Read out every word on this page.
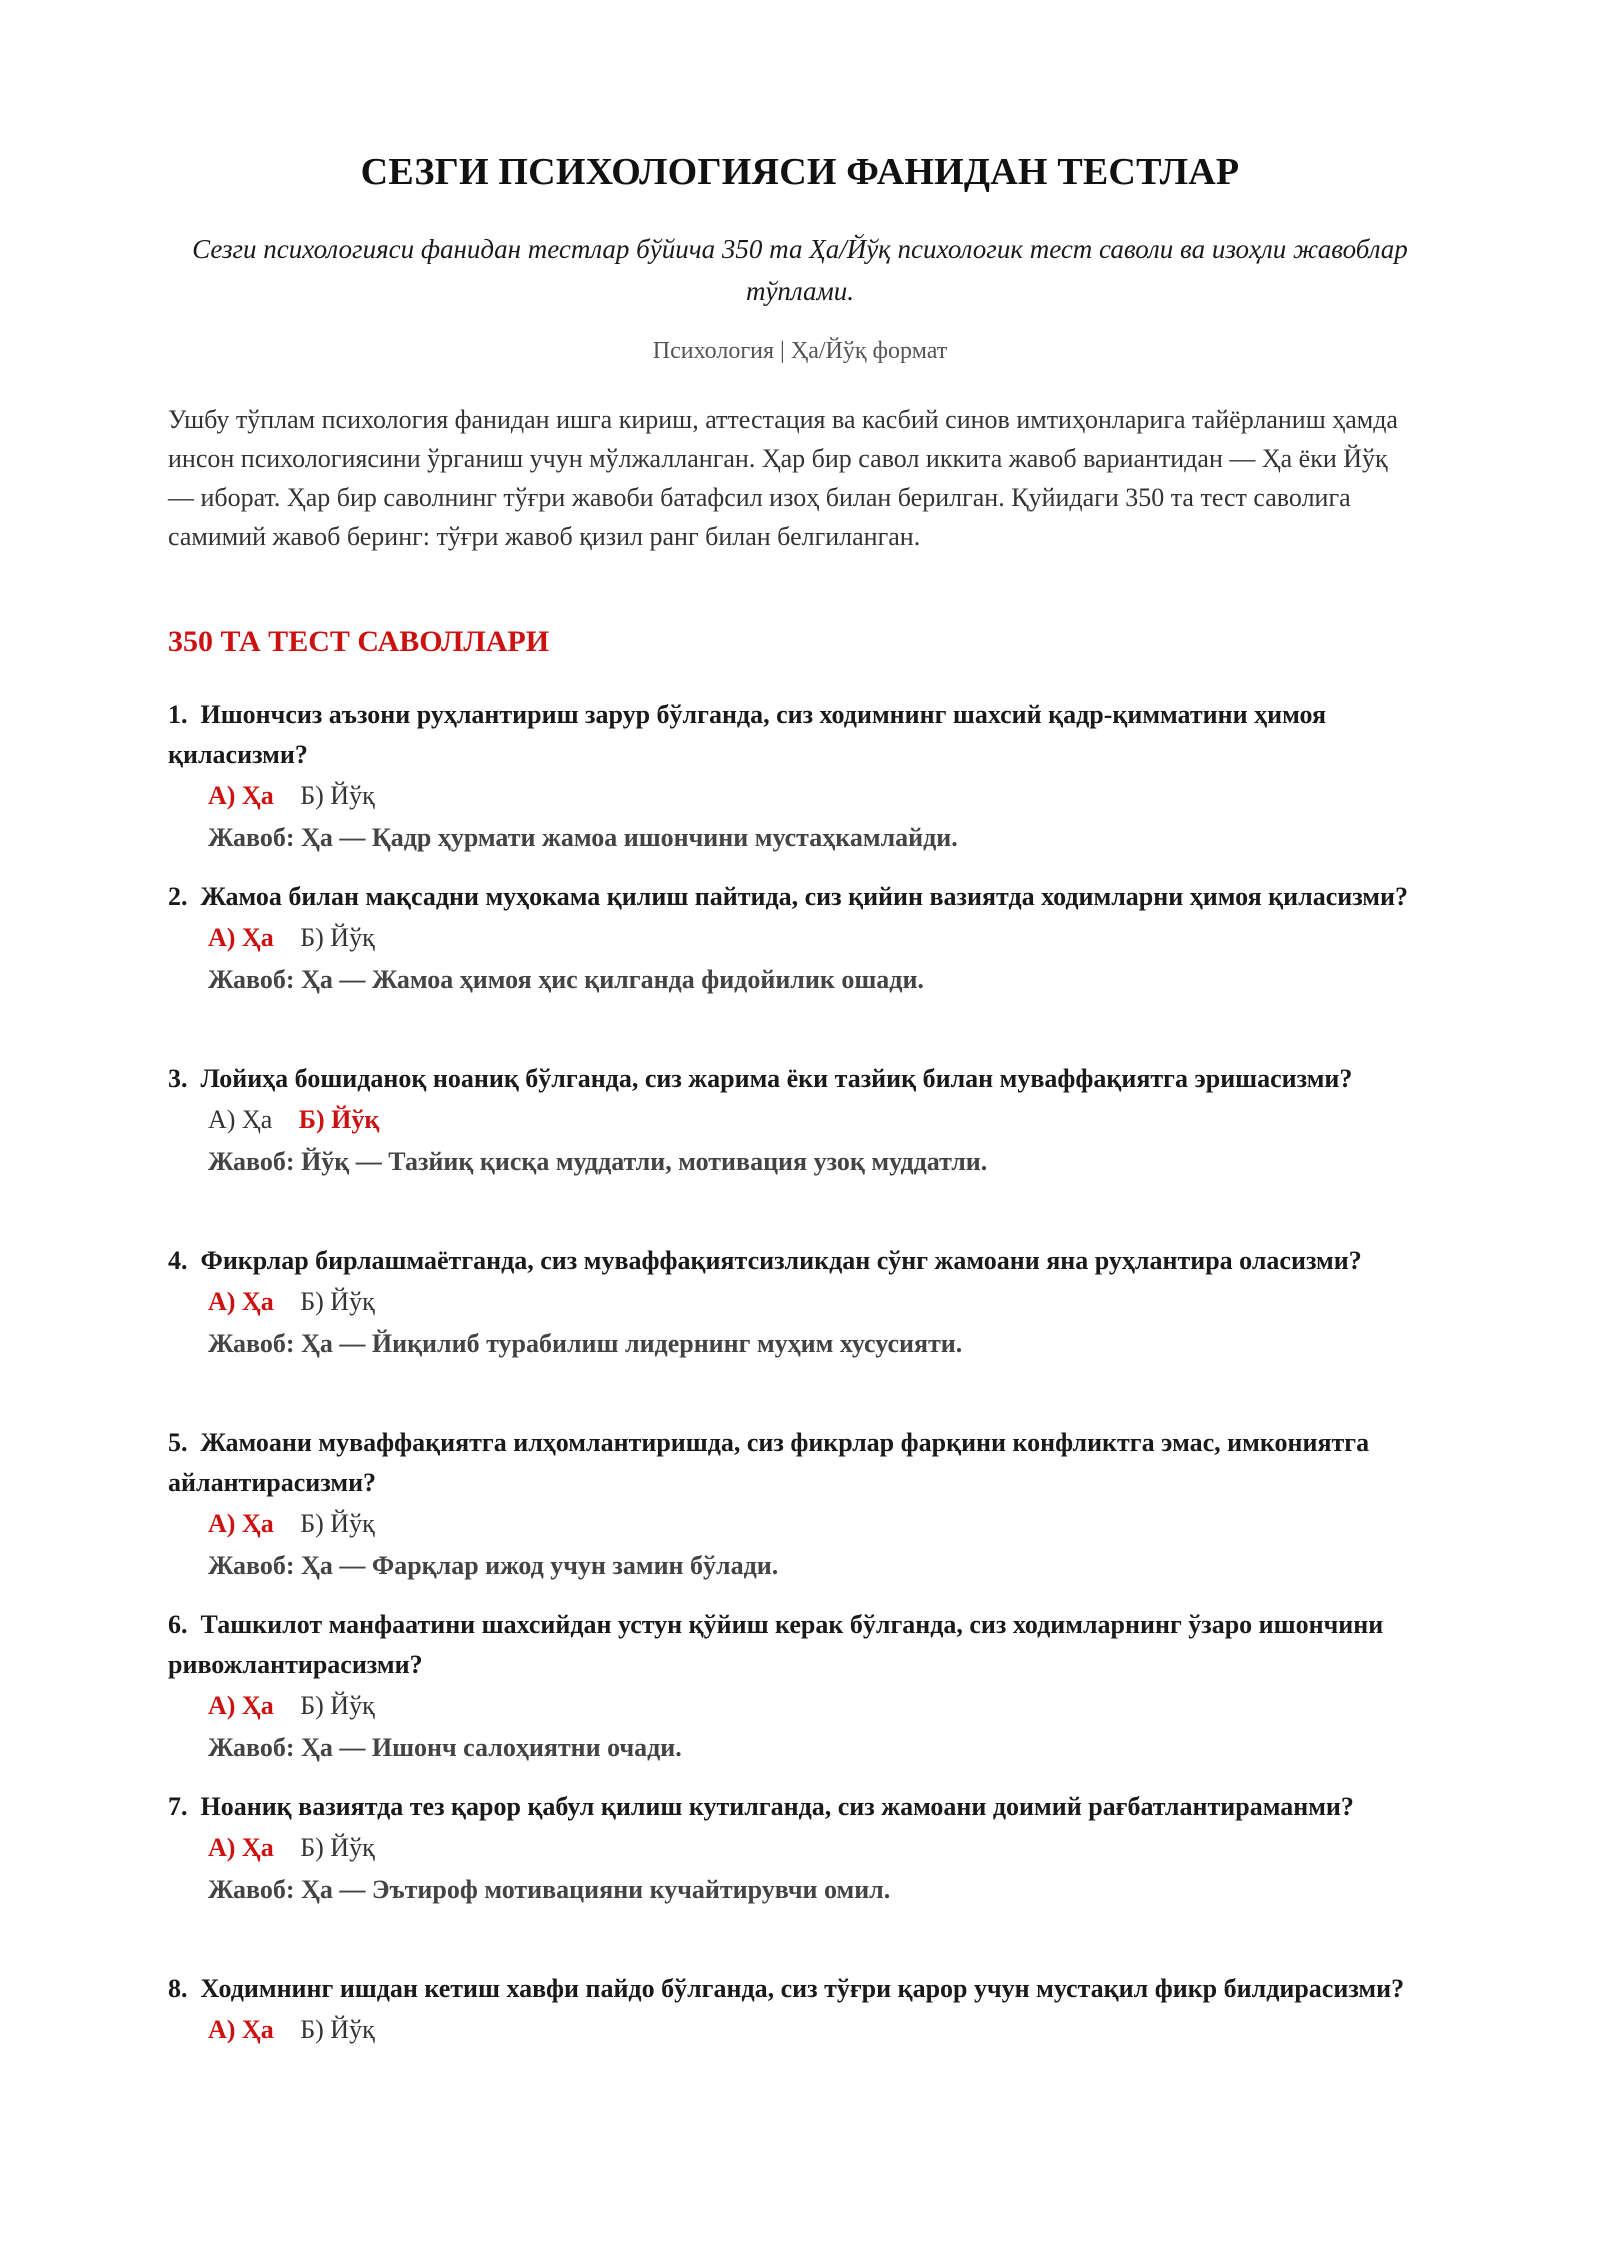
СЕЗГИ ПСИХОЛОГИЯСИ ФАНИДАН ТЕСТЛАР
Сезги психологияси фанидан тестлар бўйича 350 та Ҳа/Йўқ психологик тест саволи ва изоҳли жавоблар тўплами.
Психология | Ҳа/Йўқ формат
Ушбу тўплам психология фанидан ишга кириш, аттестация ва касбий синов имтиҳонларига тайёрланиш ҳамда инсон психологиясини ўрганиш учун мўлжалланган. Ҳар бир савол иккита жавоб вариантидан — Ҳа ёки Йўқ — иборат. Ҳар бир саволнинг тўғри жавоби батафсил изоҳ билан берилган. Қуйидаги 350 та тест саволига самимий жавоб беринг: тўғри жавоб қизил ранг билан белгиланган.
350 ТА ТЕСТ САВОЛЛАРИ
1. Ишончсиз аъзони руҳлантириш зарур бўлганда, сиз ходимнинг шахсий қадр-қимматини ҳимоя қиласизми?
А) Ҳа Б) Йўқ
Жавоб: Ҳа — Қадр ҳурмати жамоа ишончини мустаҳкамлайди.
2. Жамоа билан мақсадни муҳокама қилиш пайтида, сиз қийин вазиятда ходимларни ҳимоя қиласизми?
А) Ҳа Б) Йўқ
Жавоб: Ҳа — Жамоа ҳимоя ҳис қилганда фидойилик ошади.
3. Лойиҳа бошиданоқ ноаниқ бўлганда, сиз жарима ёки тазйиқ билан муваффақиятга эришасизми?
А) Ҳа Б) Йўқ
Жавоб: Йўқ — Тазйиқ қисқа муддатли, мотивация узоқ муддатли.
4. Фикрлар бирлашмаётганда, сиз муваффақиятсизликдан сўнг жамоани яна руҳлантира оласизми?
А) Ҳа Б) Йўқ
Жавоб: Ҳа — Йиқилиб турабилиш лидернинг муҳим хусусияти.
5. Жамоани муваффақиятга илҳомлантиришда, сиз фикрлар фарқини конфликтга эмас, имкониятга айлантирасизми?
А) Ҳа Б) Йўқ
Жавоб: Ҳа — Фарқлар ижод учун замин бўлади.
6. Ташкилот манфаатини шахсийдан устун қўйиш керак бўлганда, сиз ходимларнинг ўзаро ишончини ривожлантирасизми?
А) Ҳа Б) Йўқ
Жавоб: Ҳа — Ишонч салоҳиятни очади.
7. Ноаниқ вазиятда тез қарор қабул қилиш кутилганда, сиз жамоани доимий рағбатлантираманми?
А) Ҳа Б) Йўқ
Жавоб: Ҳа — Эътироф мотивацияни кучайтирувчи омил.
8. Ходимнинг ишдан кетиш хавфи пайдо бўлганда, сиз тўғри қарор учун мустақил фикр билдирасизми?
А) Ҳа Б) Йўқ
